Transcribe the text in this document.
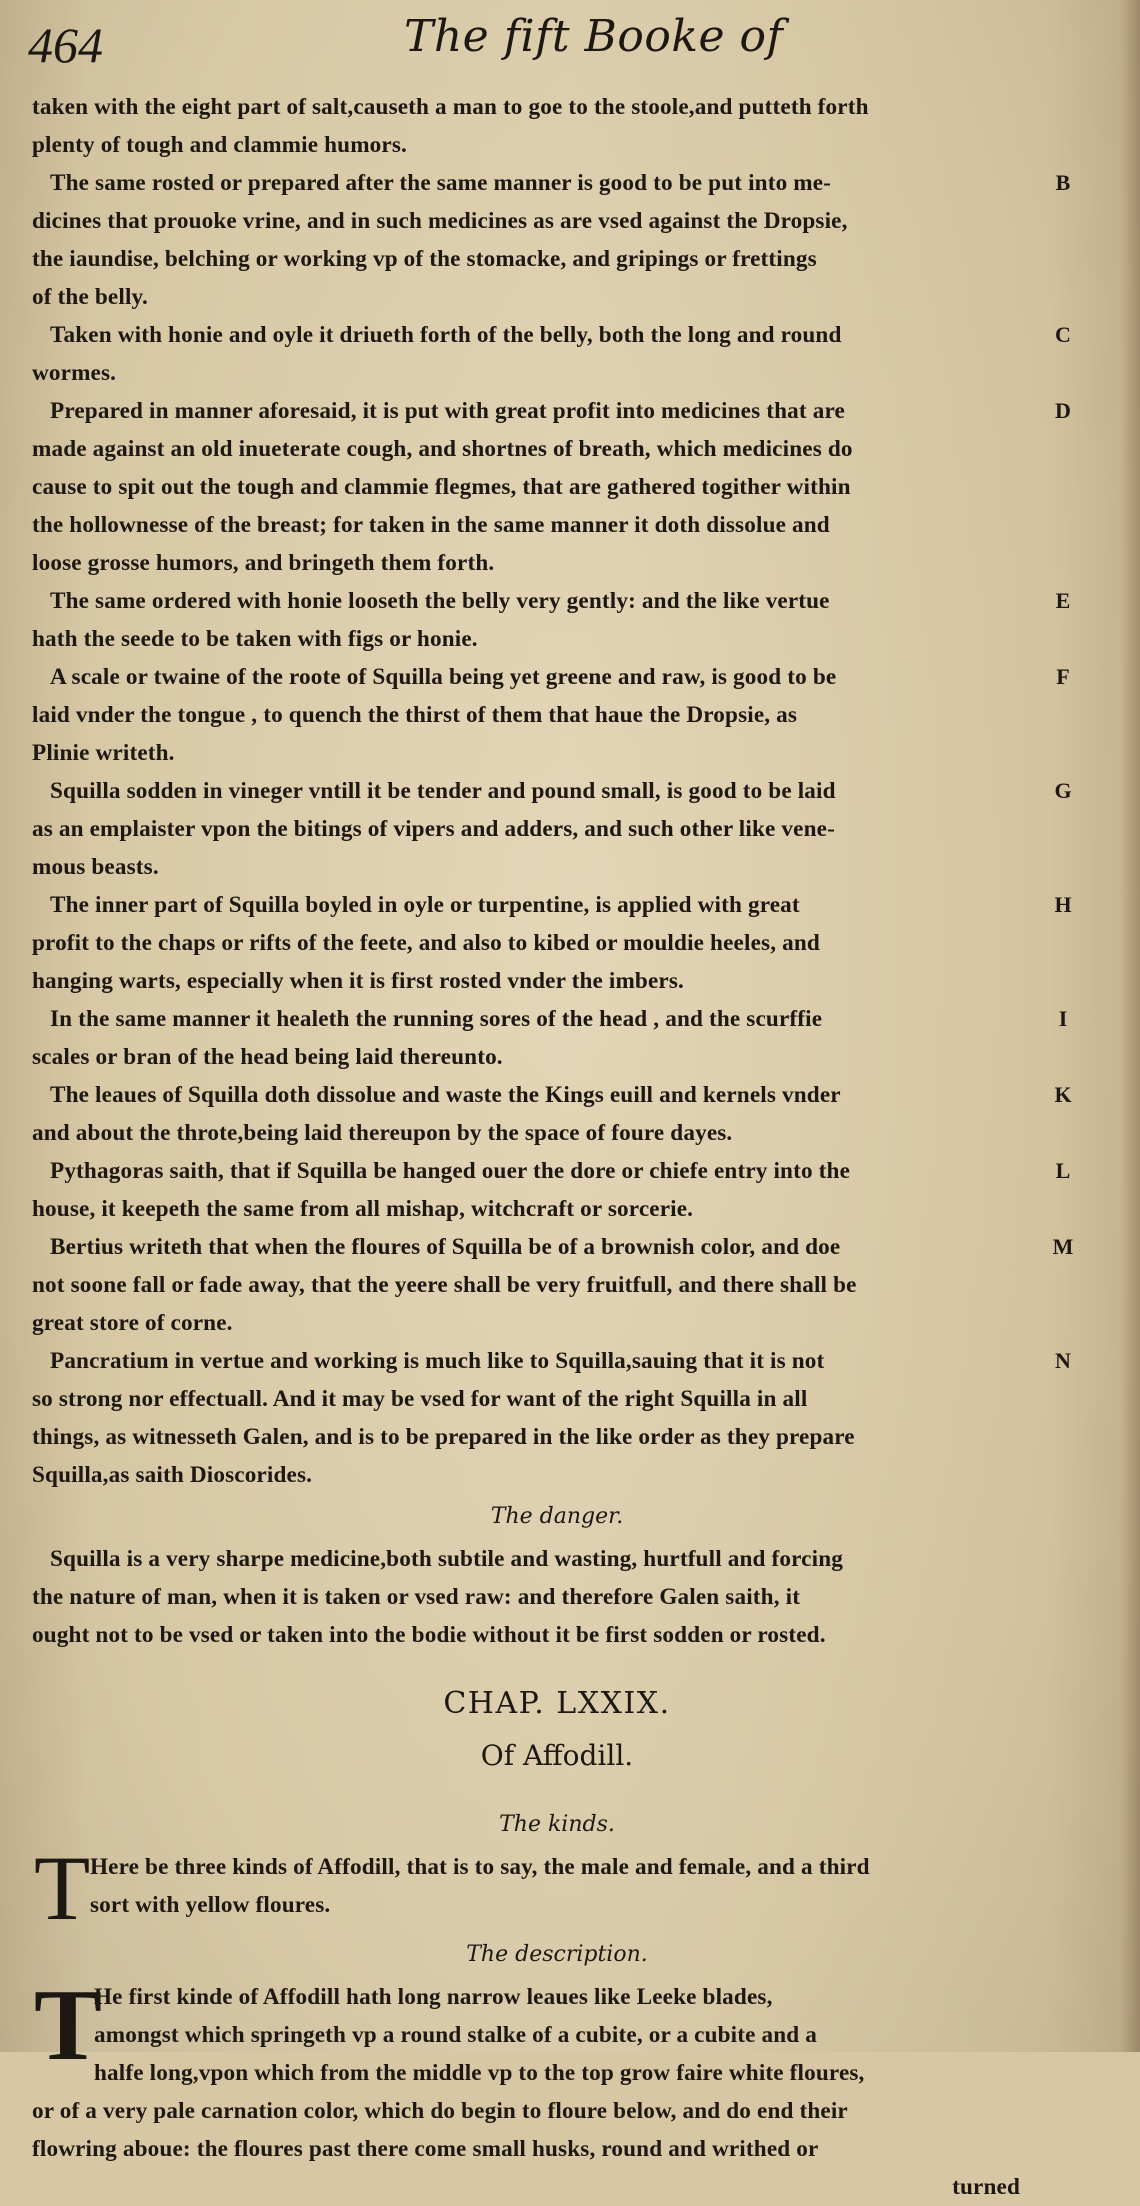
464	The fift Booke of
taken with the eight part of salt,causeth a man to goe to the stoole,and putteth forth
plenty of tough and clammie humors.
B
The same rosted or prepared after the same manner is good to be put into me-
dicines that prouoke vrine, and in such medicines as are vsed against the Dropsie,
the iaundise, belching or working vp of the stomacke, and gripings or frettings
of the belly.
C
Taken with honie and oyle it driueth forth of the belly, both the long and round
wormes.
D
Prepared in manner aforesaid, it is put with great profit into medicines that are
made against an old inueterate cough, and shortnes of breath, which medicines do
cause to spit out the tough and clammie flegmes, that are gathered togither within
the hollownesse of the breast; for taken in the same manner it doth dissolue and
loose grosse humors, and bringeth them forth.
E
The same ordered with honie looseth the belly very gently: and the like vertue
hath the seede to be taken with figs or honie.
F
A scale or twaine of the roote of Squilla being yet greene and raw, is good to be
laid vnder the tongue , to quench the thirst of them that haue the Dropsie, as
Plinie writeth.
G
Squilla sodden in vineger vntill it be tender and pound small, is good to be laid
as an emplaister vpon the bitings of vipers and adders, and such other like vene-
mous beasts.
H
The inner part of Squilla boyled in oyle or turpentine, is applied with great
profit to the chaps or rifts of the feete, and also to kibed or mouldie heeles, and
hanging warts, especially when it is first rosted vnder the imbers.
I
In the same manner it healeth the running sores of the head , and the scurffie
scales or bran of the head being laid thereunto.
K
The leaues of Squilla doth dissolue and waste the Kings euill and kernels vnder
and about the throte,being laid thereupon by the space of foure dayes.
L
Pythagoras saith, that if Squilla be hanged ouer the dore or chiefe entry into the
house, it keepeth the same from all mishap, witchcraft or sorcerie.
M
Bertius writeth that when the floures of Squilla be of a brownish color, and doe
not soone fall or fade away, that the yeere shall be very fruitfull, and there shall be
great store of corne.
N
Pancratium in vertue and working is much like to Squilla,sauing that it is not
so strong nor effectuall. And it may be vsed for want of the right Squilla in all
things, as witnesseth Galen, and is to be prepared in the like order as they prepare
Squilla,as saith Dioscorides.
The danger.
Squilla is a very sharpe medicine,both subtile and wasting, hurtfull and forcing
the nature of man, when it is taken or vsed raw: and therefore Galen saith, it
ought not to be vsed or taken into the bodie without it be first sodden or rosted.
CHAP. LXXIX.
Of Affodill.
The kinds.
T Here be three kinds of Affodill, that is to say, the male and female, and a third
sort with yellow floures.
The description.
T
He first kinde of Affodill hath long narrow leaues like Leeke blades,
amongst which springeth vp a round stalke of a cubite, or a cubite and a
halfe long,vpon which from the middle vp to the top grow faire white floures,
or of a very pale carnation color, which do begin to floure below, and do end their
flowring aboue: the floures past there come small husks, round and writhed or
turned
